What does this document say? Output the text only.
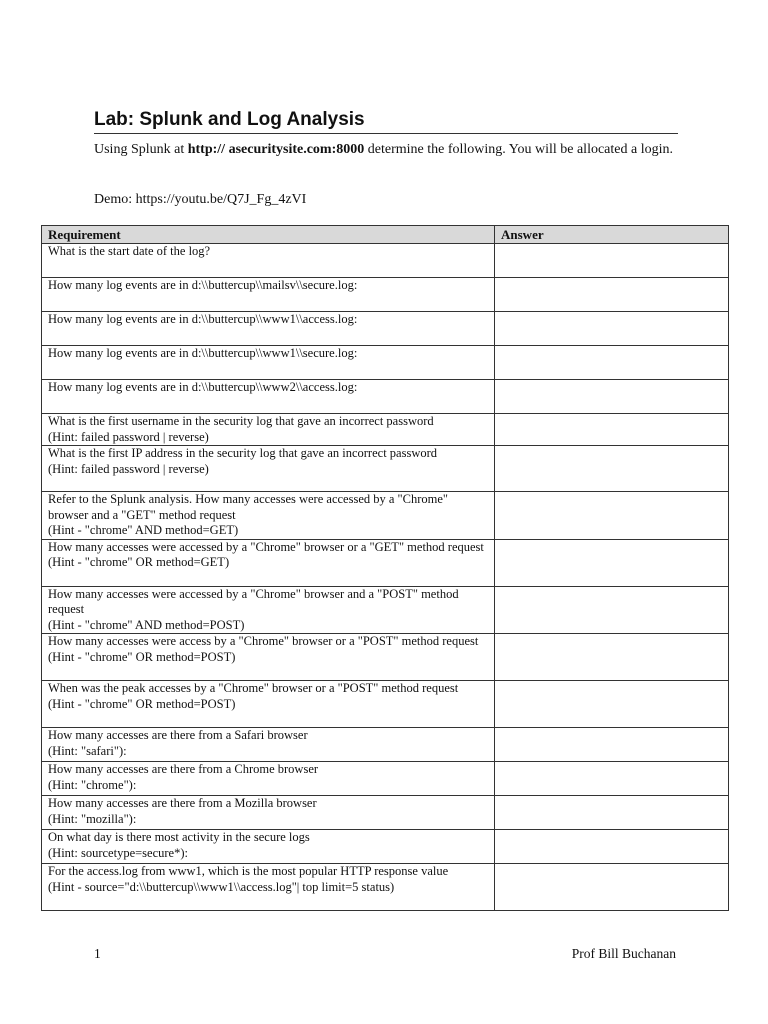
Lab: Splunk and Log Analysis
Using Splunk at http:// asecuritysite.com:8000 determine the following. You will be allocated a login.
Demo: https://youtu.be/Q7J_Fg_4zVI
Requirement	Answer
What is the start date of the log?	
How many log events are in d:\\buttercup\\mailsv\\secure.log:	
How many log events are in d:\\buttercup\\www1\\access.log:	
How many log events are in d:\\buttercup\\www1\\secure.log:	
How many log events are in d:\\buttercup\\www2\\access.log:	
What is the first username in the security log that gave an incorrect password
(Hint: failed password | reverse)	
What is the first IP address in the security log that gave an incorrect password
(Hint: failed password | reverse)	
Refer to the Splunk analysis. How many accesses were accessed by a "Chrome" browser and a "GET" method request
(Hint - "chrome" AND method=GET)	
How many accesses were accessed by a "Chrome" browser or a "GET" method request
(Hint - "chrome" OR method=GET)	
How many accesses were accessed by a "Chrome" browser and a "POST" method request
(Hint - "chrome" AND method=POST)	
How many accesses were access by a "Chrome" browser or a "POST" method request
(Hint - "chrome" OR method=POST)	
When was the peak accesses by a "Chrome" browser or a "POST" method request
(Hint - "chrome" OR method=POST)	
How many accesses are there from a Safari browser
(Hint: "safari"):	
How many accesses are there from a Chrome browser
(Hint: "chrome"):	
How many accesses are there from a Mozilla browser
(Hint: "mozilla"):	
On what day is there most activity in the secure logs
(Hint: sourcetype=secure*):	
For the access.log from www1, which is the most popular HTTP response value
(Hint - source="d:\\buttercup\\www1\\access.log"| top limit=5 status)	
1	Prof Bill Buchanan
